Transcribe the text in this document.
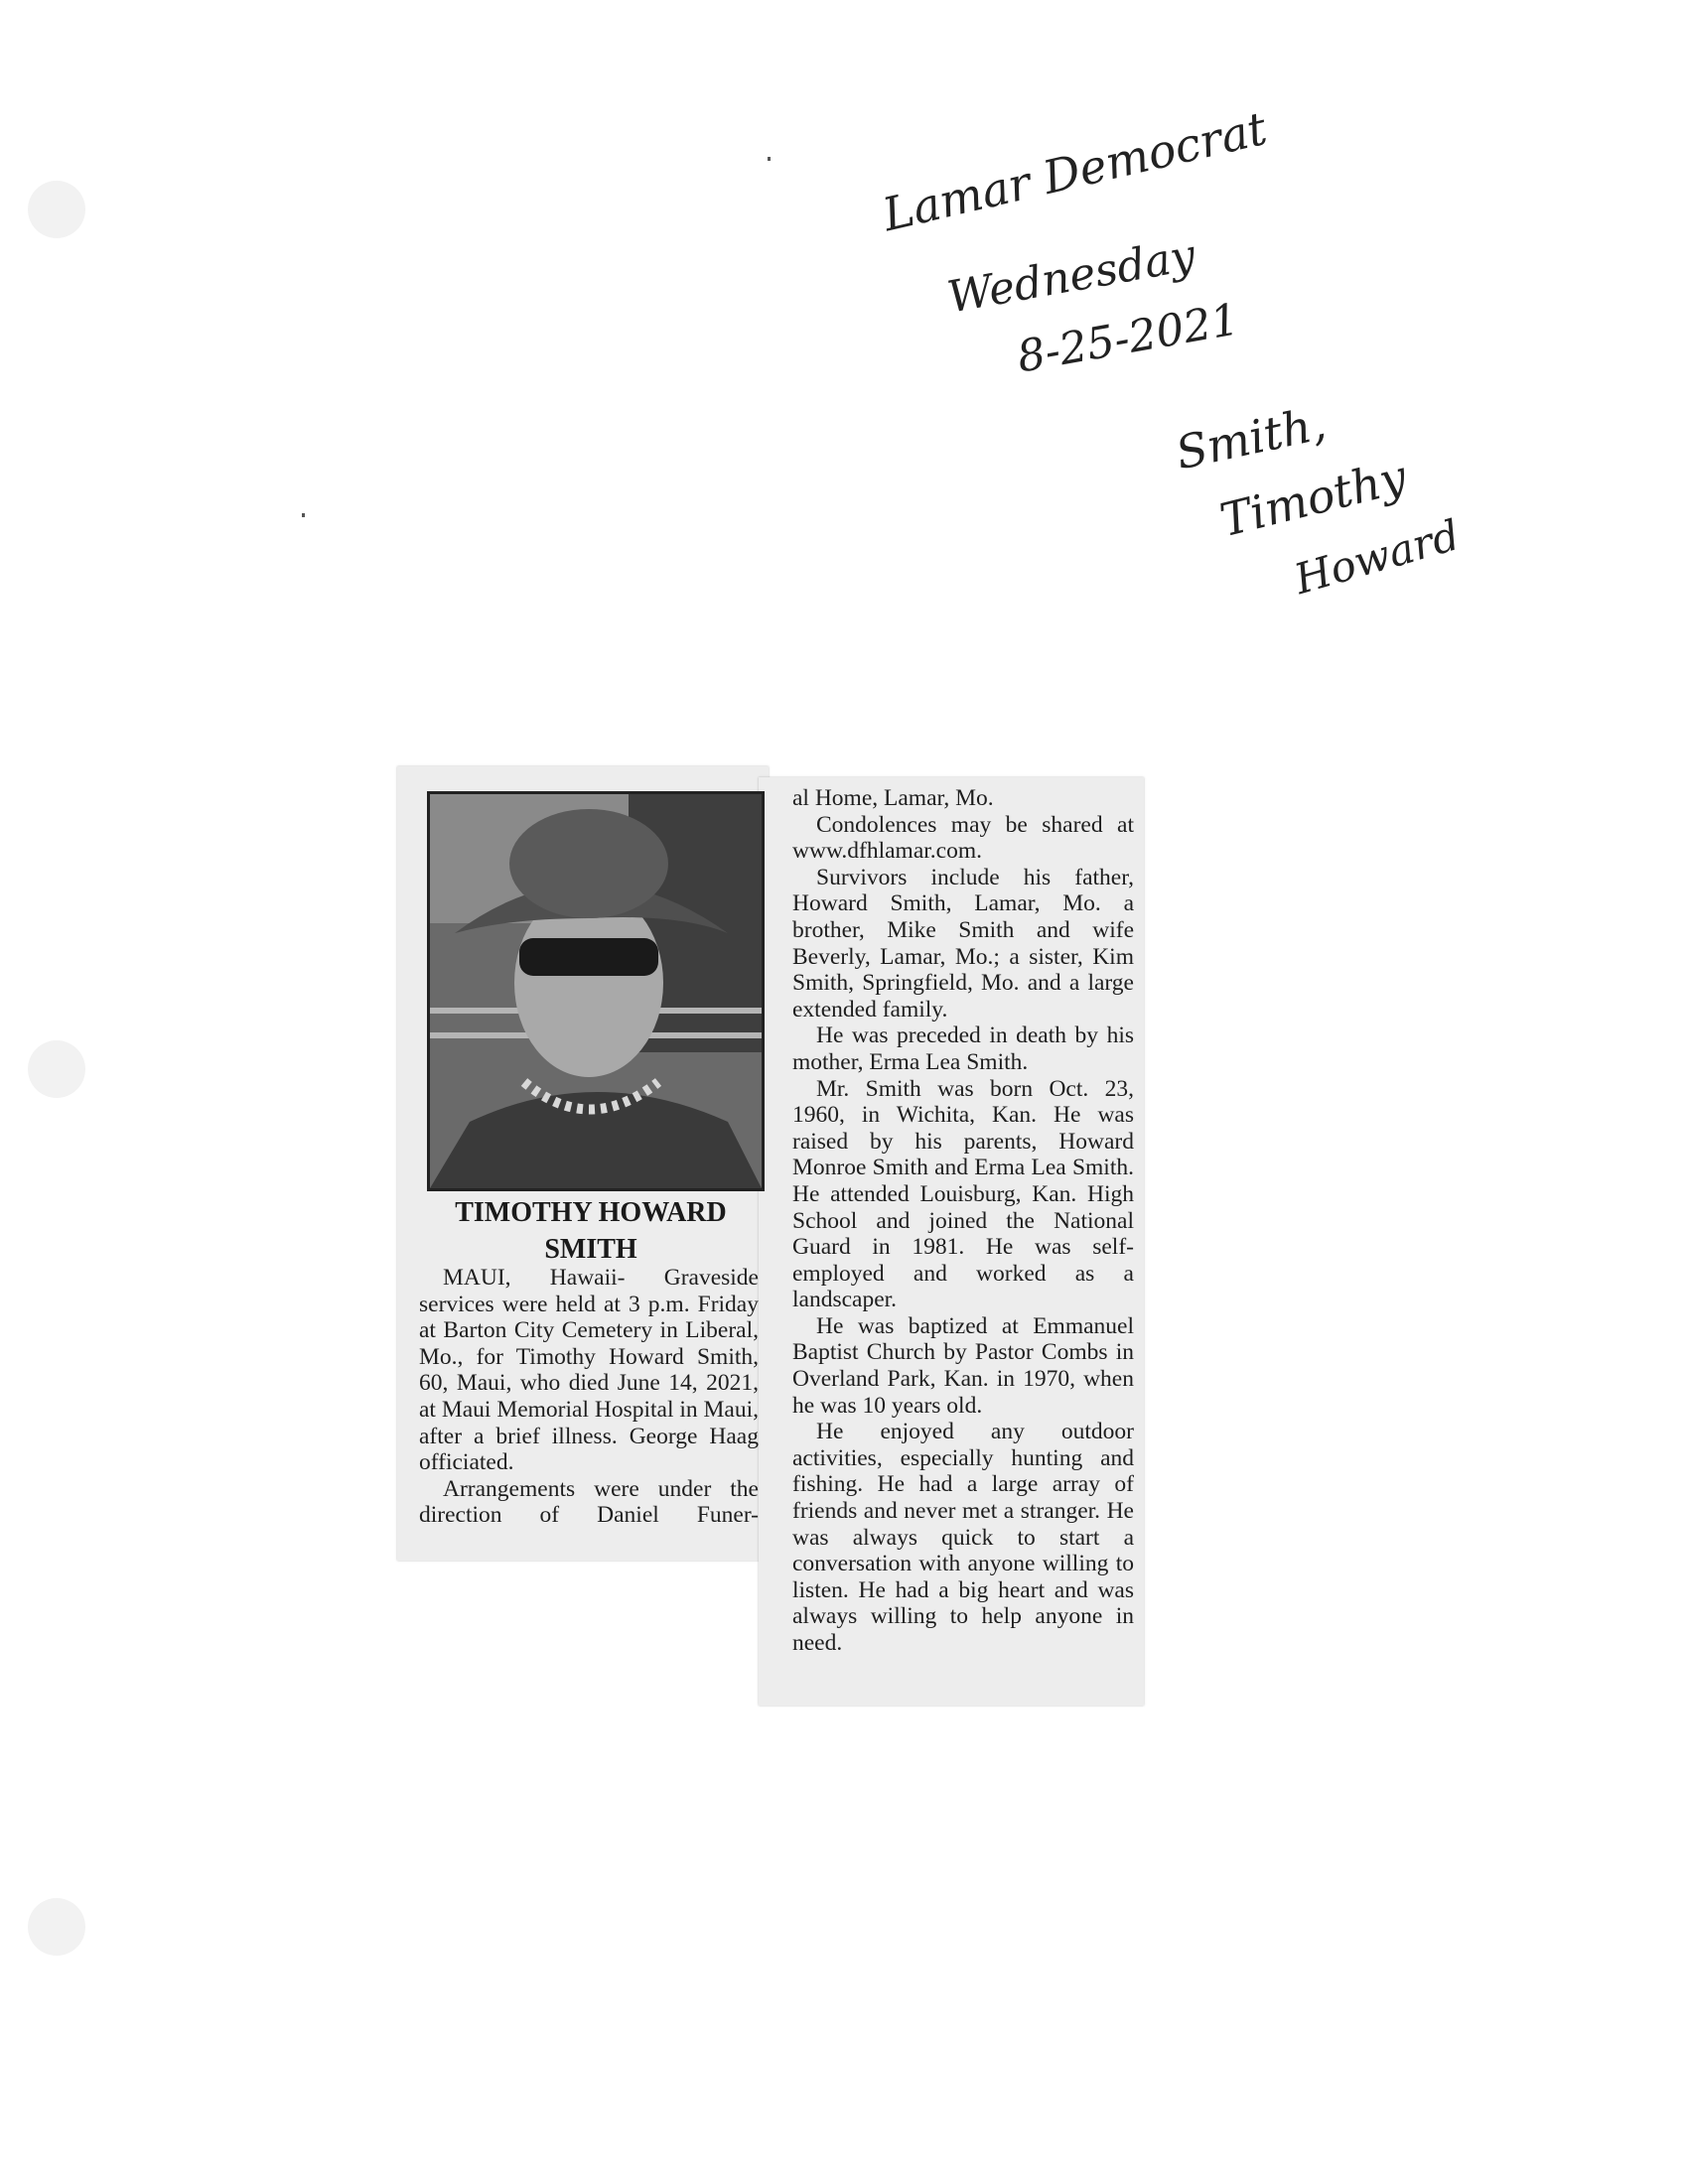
Lamar Democrat
Wednesday
8-25-2021
Smith,
Timothy
Howard
TIMOTHY HOWARD
SMITH

MAUI, Hawaii- Graveside services were held at 3 p.m. Friday at Barton City Cemetery in Liberal, Mo., for Timothy Howard Smith, 60, Maui, who died June 14, 2021, at Maui Memorial Hospital in Maui, after a brief illness. George Haag officiated.

Arrangements were under the direction of Daniel Funer-

al Home, Lamar, Mo.

Condolences may be shared at www.dfhlamar.com.

Survivors include his father, Howard Smith, Lamar, Mo. a brother, Mike Smith and wife Beverly, Lamar, Mo.; a sister, Kim Smith, Springfield, Mo. and a large extended family.

He was preceded in death by his mother, Erma Lea Smith.

Mr. Smith was born Oct. 23, 1960, in Wichita, Kan. He was raised by his parents, Howard Monroe Smith and Erma Lea Smith. He attended Louisburg, Kan. High School and joined the National Guard in 1981. He was self-employed and worked as a landscaper.

He was baptized at Emmanuel Baptist Church by Pastor Combs in Overland Park, Kan. in 1970, when he was 10 years old.

He enjoyed any outdoor activities, especially hunting and fishing. He had a large array of friends and never met a stranger. He was always quick to start a conversation with anyone willing to listen. He had a big heart and was always willing to help anyone in need.
